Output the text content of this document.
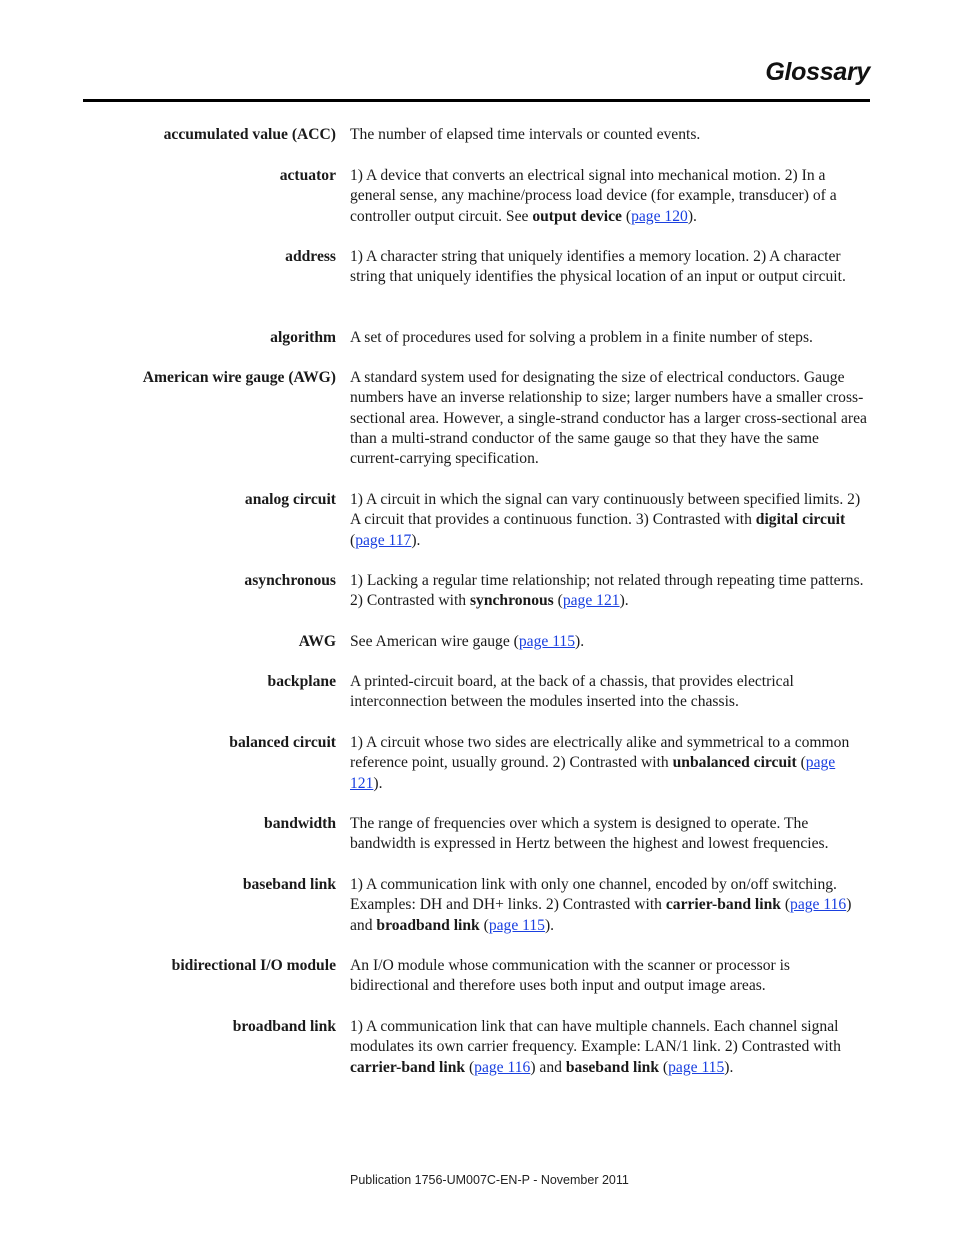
Glossary
accumulated value (ACC) The number of elapsed time intervals or counted events.
actuator 1) A device that converts an electrical signal into mechanical motion. 2) In a general sense, any machine/process load device (for example, transducer) of a controller output circuit. See output device (page 120).
address 1) A character string that uniquely identifies a memory location. 2) A character string that uniquely identifies the physical location of an input or output circuit.
algorithm A set of procedures used for solving a problem in a finite number of steps.
American wire gauge (AWG) A standard system used for designating the size of electrical conductors. Gauge numbers have an inverse relationship to size; larger numbers have a smaller cross-sectional area. However, a single-strand conductor has a larger cross-sectional area than a multi-strand conductor of the same gauge so that they have the same current-carrying specification.
analog circuit 1) A circuit in which the signal can vary continuously between specified limits. 2) A circuit that provides a continuous function. 3) Contrasted with digital circuit (page 117).
asynchronous 1) Lacking a regular time relationship; not related through repeating time patterns. 2) Contrasted with synchronous (page 121).
AWG See American wire gauge (page 115).
backplane A printed-circuit board, at the back of a chassis, that provides electrical interconnection between the modules inserted into the chassis.
balanced circuit 1) A circuit whose two sides are electrically alike and symmetrical to a common reference point, usually ground. 2) Contrasted with unbalanced circuit (page 121).
bandwidth The range of frequencies over which a system is designed to operate. The bandwidth is expressed in Hertz between the highest and lowest frequencies.
baseband link 1) A communication link with only one channel, encoded by on/off switching. Examples: DH and DH+ links. 2) Contrasted with carrier-band link (page 116) and broadband link (page 115).
bidirectional I/O module An I/O module whose communication with the scanner or processor is bidirectional and therefore uses both input and output image areas.
broadband link 1) A communication link that can have multiple channels. Each channel signal modulates its own carrier frequency. Example: LAN/1 link. 2) Contrasted with carrier-band link (page 116) and baseband link (page 115).
Publication 1756-UM007C-EN-P - November 2011
